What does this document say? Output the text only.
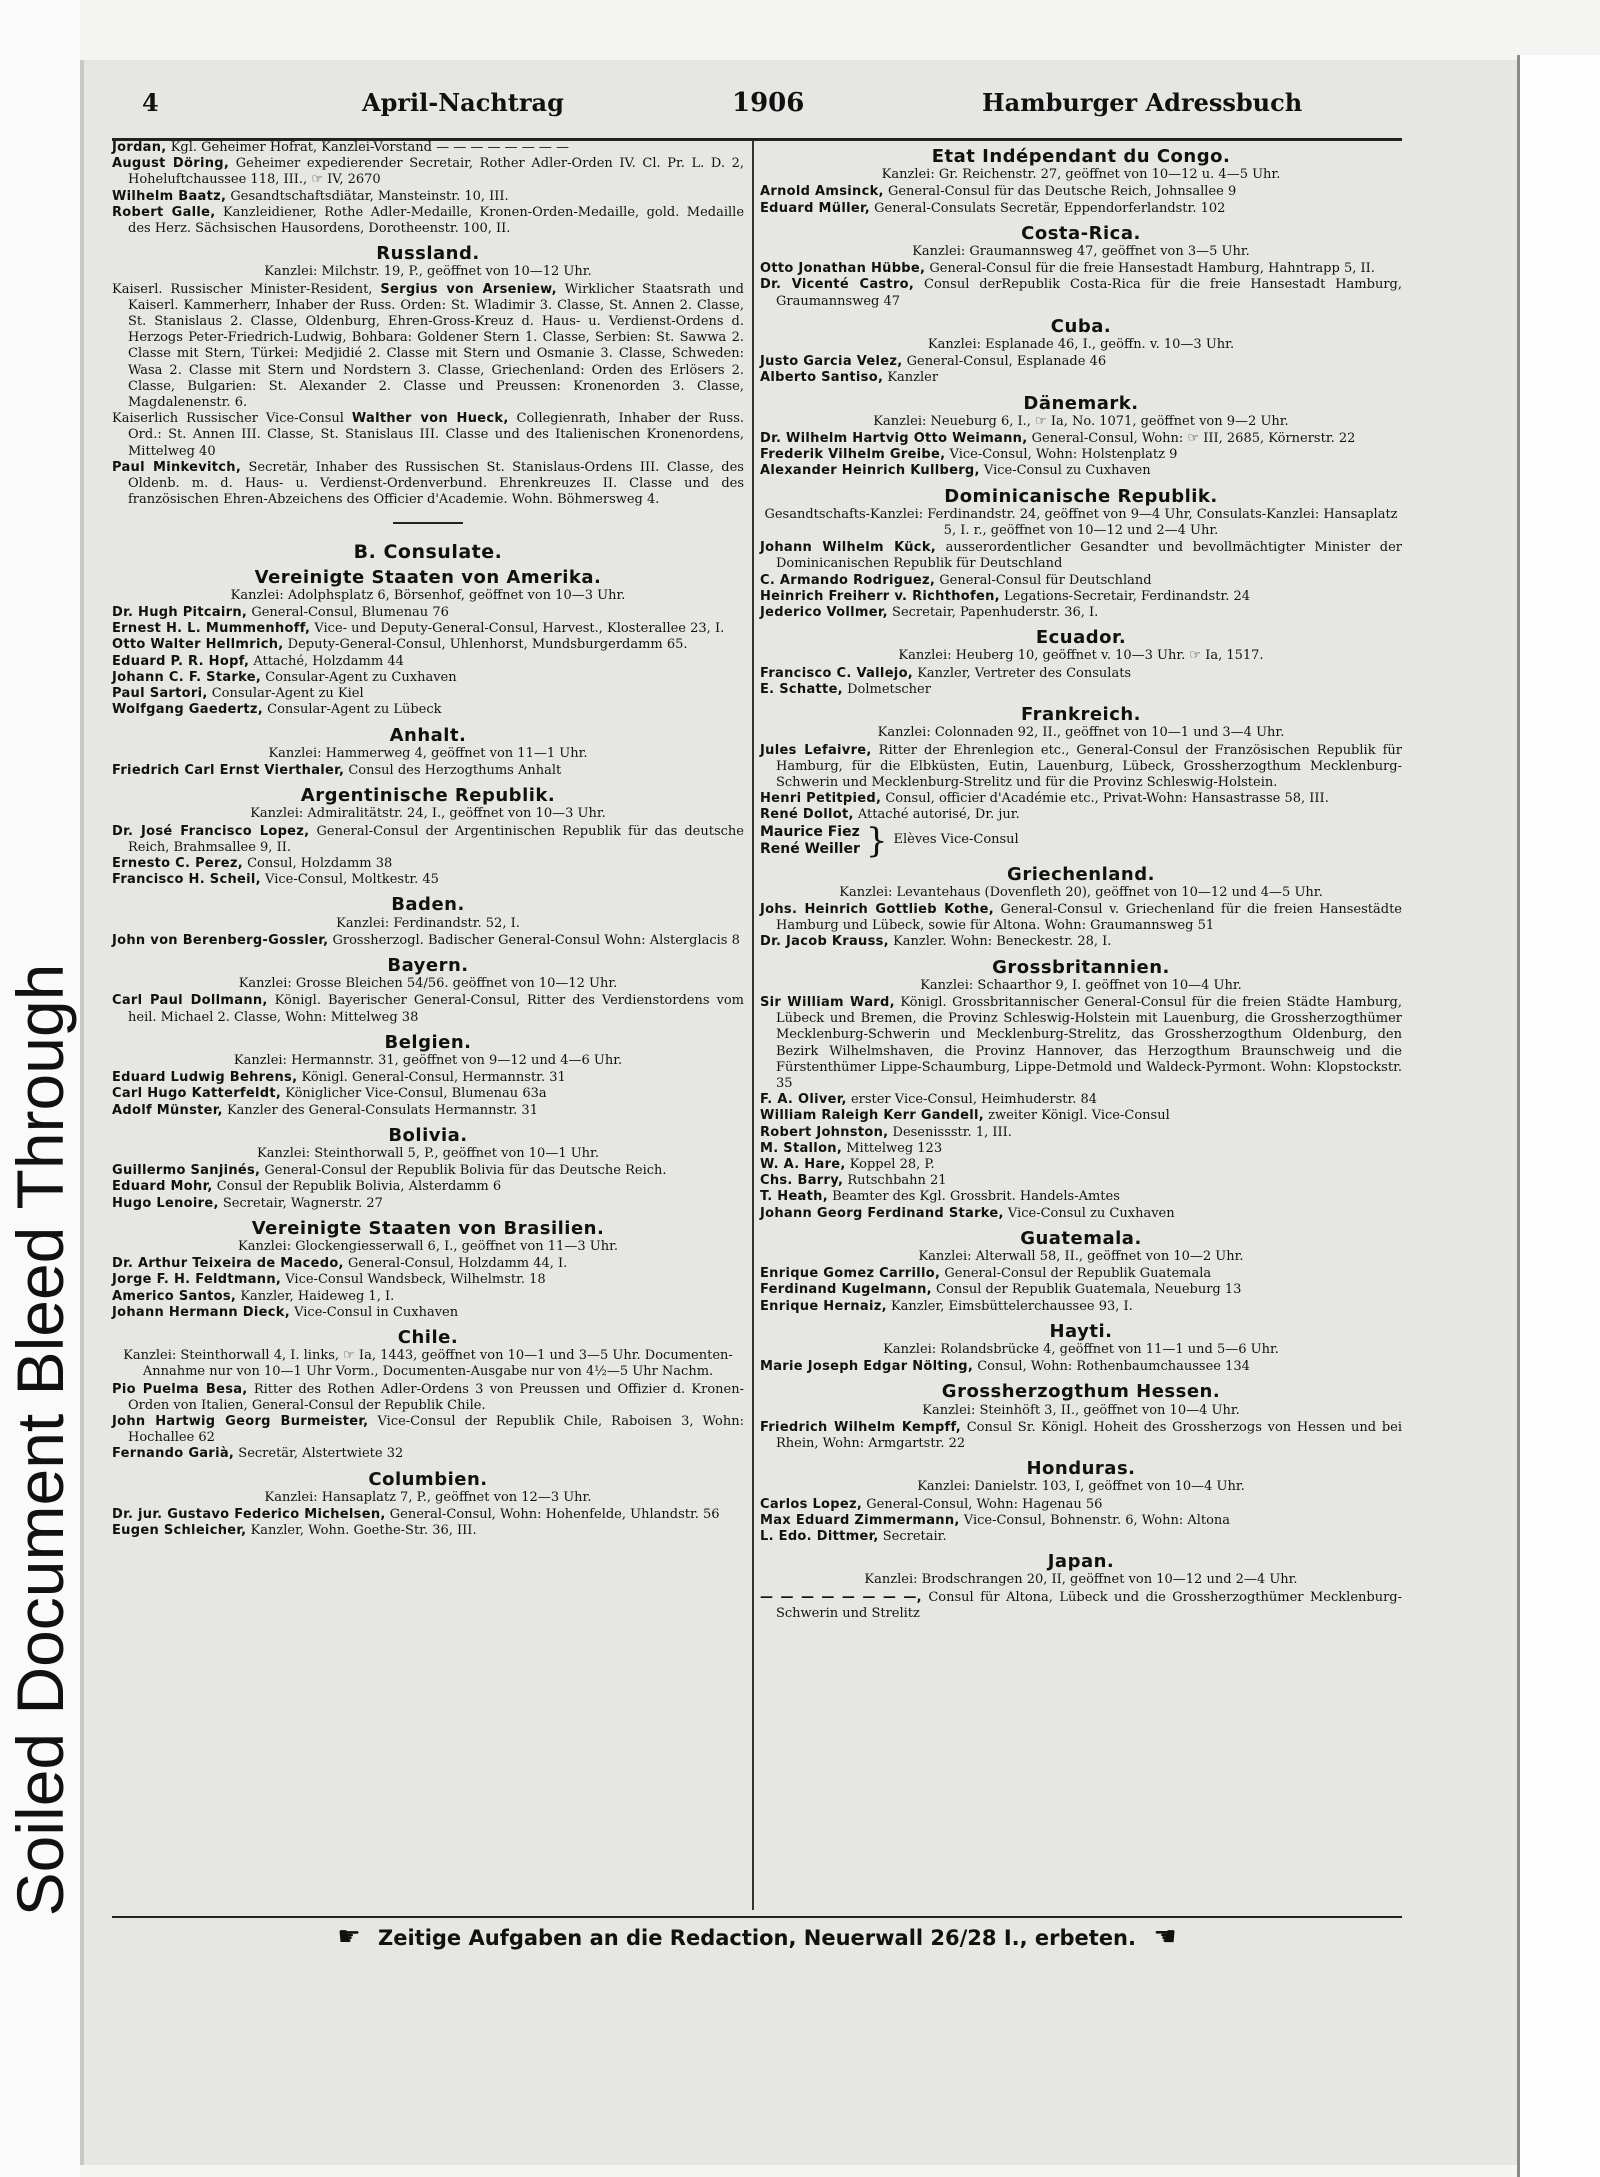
Soiled Document Bleed Through
4	April-Nachtrag	1906	Hamburger Adressbuch
Jordan, Kgl. Geheimer Hofrat, Kanzlei-Vorstand — — — — — — — —
August Döring, Geheimer expedierender Secretair, Rother Adler-Orden IV. Cl. Pr. L. D. 2, Hoheluftchaussee 118, III., ☞ IV, 2670
Wilhelm Baatz, Gesandtschaftsdiätar, Mansteinstr. 10, III.
Robert Galle, Kanzleidiener, Rothe Adler-Medaille, Kronen-Orden-Medaille, gold. Medaille des Herz. Sächsischen Hausordens, Dorotheenstr. 100, II.
Russland.
Kanzlei: Milchstr. 19, P., geöffnet von 10—12 Uhr.
Kaiserl. Russischer Minister-Resident, Sergius von Arseniew, Wirklicher Staatsrath und Kaiserl. Kammerherr, Inhaber der Russ. Orden: St. Wladimir 3. Classe, St. Annen 2. Classe, St. Stanislaus 2. Classe, Oldenburg, Ehren-Gross-Kreuz d. Haus- u. Verdienst-Ordens d. Herzogs Peter-Friedrich-Ludwig, Bohbara: Goldener Stern 1. Classe, Serbien: St. Sawwa 2. Classe mit Stern, Türkei: Medjidié 2. Classe mit Stern und Osmanie 3. Classe, Schweden: Wasa 2. Classe mit Stern und Nordstern 3. Classe, Griechenland: Orden des Erlösers 2. Classe, Bulgarien: St. Alexander 2. Classe und Preussen: Kronenorden 3. Classe, Magdalenenstr. 6.
Kaiserlich Russischer Vice-Consul Walther von Hueck, Collegienrath, Inhaber der Russ. Ord.: St. Annen III. Classe, St. Stanislaus III. Classe und des Italienischen Kronenordens, Mittelweg 40
Paul Minkevitch, Secretär, Inhaber des Russischen St. Stanislaus-Ordens III. Classe, des Oldenb. m. d. Haus- u. Verdienst-Ordenverbund. Ehrenkreuzes II. Classe und des französischen Ehren-Abzeichens des Officier d'Academie. Wohn. Böhmersweg 4.
B. Consulate.
Vereinigte Staaten von Amerika.
Kanzlei: Adolphsplatz 6, Börsenhof, geöffnet von 10—3 Uhr.
Dr. Hugh Pitcairn, General-Consul, Blumenau 76
Ernest H. L. Mummenhoff, Vice- und Deputy-General-Consul, Harvest., Klosterallee 23, I.
Otto Walter Hellmrich, Deputy-General-Consul, Uhlenhorst, Mundsburgerdamm 65.
Eduard P. R. Hopf, Attaché, Holzdamm 44
Johann C. F. Starke, Consular-Agent zu Cuxhaven
Paul Sartori, Consular-Agent zu Kiel
Wolfgang Gaedertz, Consular-Agent zu Lübeck
Anhalt.
Kanzlei: Hammerweg 4, geöffnet von 11—1 Uhr.
Friedrich Carl Ernst Vierthaler, Consul des Herzogthums Anhalt
Argentinische Republik.
Kanzlei: Admiralitätstr. 24, I., geöffnet von 10—3 Uhr.
Dr. José Francisco Lopez, General-Consul der Argentinischen Republik für das deutsche Reich, Brahmsallee 9, II.
Ernesto C. Perez, Consul, Holzdamm 38
Francisco H. Scheil, Vice-Consul, Moltkestr. 45
Baden.
Kanzlei: Ferdinandstr. 52, I.
John von Berenberg-Gossler, Grossherzogl. Badischer General-Consul Wohn: Alsterglacis 8
Bayern.
Kanzlei: Grosse Bleichen 54/56. geöffnet von 10—12 Uhr.
Carl Paul Dollmann, Königl. Bayerischer General-Consul, Ritter des Verdienstordens vom heil. Michael 2. Classe, Wohn: Mittelweg 38
Belgien.
Kanzlei: Hermannstr. 31, geöffnet von 9—12 und 4—6 Uhr.
Eduard Ludwig Behrens, Königl. General-Consul, Hermannstr. 31
Carl Hugo Katterfeldt, Königlicher Vice-Consul, Blumenau 63a
Adolf Münster, Kanzler des General-Consulats Hermannstr. 31
Bolivia.
Kanzlei: Steinthorwall 5, P., geöffnet von 10—1 Uhr.
Guillermo Sanjinés, General-Consul der Republik Bolivia für das Deutsche Reich.
Eduard Mohr, Consul der Republik Bolivia, Alsterdamm 6
Hugo Lenoire, Secretair, Wagnerstr. 27
Vereinigte Staaten von Brasilien.
Kanzlei: Glockengiesserwall 6, I., geöffnet von 11—3 Uhr.
Dr. Arthur Teixeira de Macedo, General-Consul, Holzdamm 44, I.
Jorge F. H. Feldtmann, Vice-Consul Wandsbeck, Wilhelmstr. 18
Americo Santos, Kanzler, Haideweg 1, I.
Johann Hermann Dieck, Vice-Consul in Cuxhaven
Chile.
Kanzlei: Steinthorwall 4, I. links, ☞ Ia, 1443, geöffnet von 10—1 und 3—5 Uhr. Documenten-Annahme nur von 10—1 Uhr Vorm., Documenten-Ausgabe nur von 4½—5 Uhr Nachm.
Pio Puelma Besa, Ritter des Rothen Adler-Ordens 3 von Preussen und Offizier d. Kronen-Orden von Italien, General-Consul der Republik Chile.
John Hartwig Georg Burmeister, Vice-Consul der Republik Chile, Raboisen 3, Wohn: Hochallee 62
Fernando Garià, Secretär, Alstertwiete 32
Columbien.
Kanzlei: Hansaplatz 7, P., geöffnet von 12—3 Uhr.
Dr. jur. Gustavo Federico Michelsen, General-Consul, Wohn: Hohenfelde, Uhlandstr. 56
Eugen Schleicher, Kanzler, Wohn. Goethe-Str. 36, III.
Etat Indépendant du Congo.
Kanzlei: Gr. Reichenstr. 27, geöffnet von 10—12 u. 4—5 Uhr.
Arnold Amsinck, General-Consul für das Deutsche Reich, Johnsallee 9
Eduard Müller, General-Consulats Secretär, Eppendorferlandstr. 102
Costa-Rica.
Kanzlei: Graumannsweg 47, geöffnet von 3—5 Uhr.
Otto Jonathan Hübbe, General-Consul für die freie Hansestadt Hamburg, Hahntrapp 5, II.
Dr. Vicenté Castro, Consul derRepublik Costa-Rica für die freie Hansestadt Hamburg, Graumannsweg 47
Cuba.
Kanzlei: Esplanade 46, I., geöffn. v. 10—3 Uhr.
Justo Garcia Velez, General-Consul, Esplanade 46
Alberto Santiso, Kanzler
Dänemark.
Kanzlei: Neueburg 6, I., ☞ Ia, No. 1071, geöffnet von 9—2 Uhr.
Dr. Wilhelm Hartvig Otto Weimann, General-Consul, Wohn: ☞ III, 2685, Körnerstr. 22
Frederik Vilhelm Greibe, Vice-Consul, Wohn: Holstenplatz 9
Alexander Heinrich Kullberg, Vice-Consul zu Cuxhaven
Dominicanische Republik.
Gesandtschafts-Kanzlei: Ferdinandstr. 24, geöffnet von 9—4 Uhr, Consulats-Kanzlei: Hansaplatz 5, I. r., geöffnet von 10—12 und 2—4 Uhr.
Johann Wilhelm Kück, ausserordentlicher Gesandter und bevollmächtigter Minister der Dominicanischen Republik für Deutschland
C. Armando Rodriguez, General-Consul für Deutschland
Heinrich Freiherr v. Richthofen, Legations-Secretair, Ferdinandstr. 24
Jederico Vollmer, Secretair, Papenhuderstr. 36, I.
Ecuador.
Kanzlei: Heuberg 10, geöffnet v. 10—3 Uhr. ☞ Ia, 1517.
Francisco C. Vallejo, Kanzler, Vertreter des Consulats
E. Schatte, Dolmetscher
Frankreich.
Kanzlei: Colonnaden 92, II., geöffnet von 10—1 und 3—4 Uhr.
Jules Lefaivre, Ritter der Ehrenlegion etc., General-Consul der Französischen Republik für Hamburg, für die Elbküsten, Eutin, Lauenburg, Lübeck, Grossherzogthum Mecklenburg-Schwerin und Mecklenburg-Strelitz und für die Provinz Schleswig-Holstein.
Henri Petitpied, Consul, officier d'Académie etc., Privat-Wohn: Hansastrasse 58, III.
René Dollot, Attaché autorisé, Dr. jur.
Maurice Fiez
René Weiller } Elèves Vice-Consul
Griechenland.
Kanzlei: Levantehaus (Dovenfleth 20), geöffnet von 10—12 und 4—5 Uhr.
Johs. Heinrich Gottlieb Kothe, General-Consul v. Griechenland für die freien Hansestädte Hamburg und Lübeck, sowie für Altona. Wohn: Graumannsweg 51
Dr. Jacob Krauss, Kanzler. Wohn: Beneckestr. 28, I.
Grossbritannien.
Kanzlei: Schaarthor 9, I. geöffnet von 10—4 Uhr.
Sir William Ward, Königl. Grossbritannischer General-Consul für die freien Städte Hamburg, Lübeck und Bremen, die Provinz Schleswig-Holstein mit Lauenburg, die Grossherzogthümer Mecklenburg-Schwerin und Mecklenburg-Strelitz, das Grossherzogthum Oldenburg, den Bezirk Wilhelmshaven, die Provinz Hannover, das Herzogthum Braunschweig und die Fürstenthümer Lippe-Schaumburg, Lippe-Detmold und Waldeck-Pyrmont. Wohn: Klopstockstr. 35
F. A. Oliver, erster Vice-Consul, Heimhuderstr. 84
William Raleigh Kerr Gandell, zweiter Königl. Vice-Consul
Robert Johnston, Desenissstr. 1, III.
M. Stallon, Mittelweg 123
W. A. Hare, Koppel 28, P.
Chs. Barry, Rutschbahn 21
T. Heath, Beamter des Kgl. Grossbrit. Handels-Amtes
Johann Georg Ferdinand Starke, Vice-Consul zu Cuxhaven
Guatemala.
Kanzlei: Alterwall 58, II., geöffnet von 10—2 Uhr.
Enrique Gomez Carrillo, General-Consul der Republik Guatemala
Ferdinand Kugelmann, Consul der Republik Guatemala, Neueburg 13
Enrique Hernaiz, Kanzler, Eimsbüttelerchaussee 93, I.
Hayti.
Kanzlei: Rolandsbrücke 4, geöffnet von 11—1 und 5—6 Uhr.
Marie Joseph Edgar Nölting, Consul, Wohn: Rothenbaumchaussee 134
Grossherzogthum Hessen.
Kanzlei: Steinhöft 3, II., geöffnet von 10—4 Uhr.
Friedrich Wilhelm Kempff, Consul Sr. Königl. Hoheit des Grossherzogs von Hessen und bei Rhein, Wohn: Armgartstr. 22
Honduras.
Kanzlei: Danielstr. 103, I, geöffnet von 10—4 Uhr.
Carlos Lopez, General-Consul, Wohn: Hagenau 56
Max Eduard Zimmermann, Vice-Consul, Bohnenstr. 6, Wohn: Altona
L. Edo. Dittmer, Secretair.
Japan.
Kanzlei: Brodschrangen 20, II, geöffnet von 10—12 und 2—4 Uhr.
— — — — — — — —, Consul für Altona, Lübeck und die Grossherzogthümer Mecklenburg-Schwerin und Strelitz
☛ Zeitige Aufgaben an die Redaction, Neuerwall 26/28 I., erbeten. ☚
